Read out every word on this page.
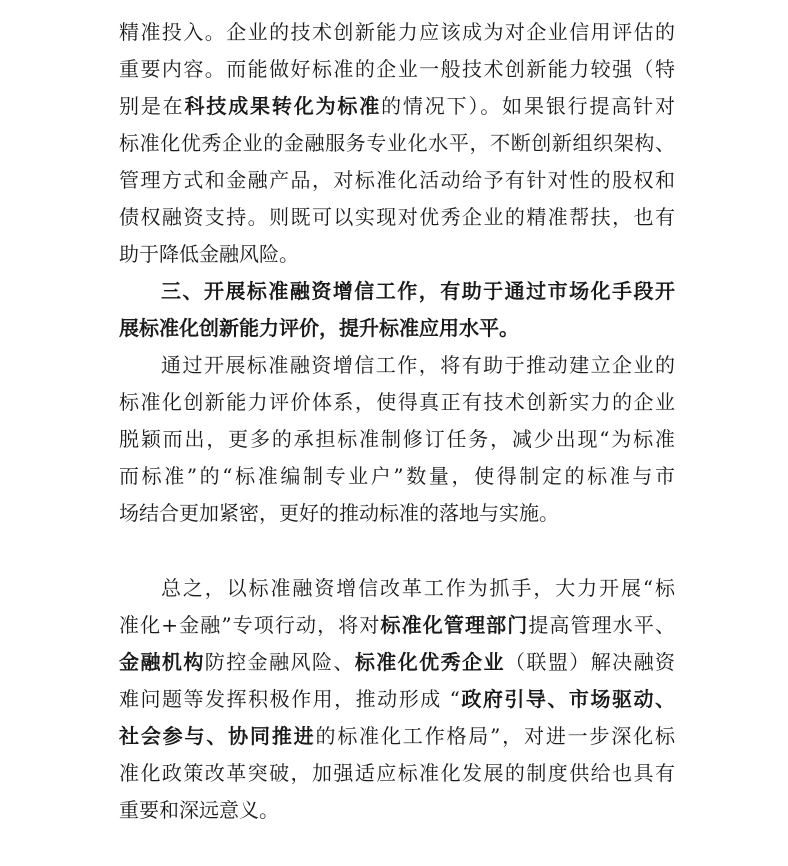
精准投入。企业的技术创新能力应该成为对企业信用评估的
重要内容。而能做好标准的企业一般技术创新能力较强（特
别是在科技成果转化为标准的情况下）。如果银行提高针对
标准化优秀企业的金融服务专业化水平，不断创新组织架构、
管理方式和金融产品，对标准化活动给予有针对性的股权和
债权融资支持。则既可以实现对优秀企业的精准帮扶，也有
助于降低金融风险。
三、开展标准融资增信工作，有助于通过市场化手段开
展标准化创新能力评价，提升标准应用水平。
通过开展标准融资增信工作，将有助于推动建立企业的
标准化创新能力评价体系，使得真正有技术创新实力的企业
脱颖而出，更多的承担标准制修订任务，减少出现“为标准
而标准”的“标准编制专业户”数量，使得制定的标准与市
场结合更加紧密，更好的推动标准的落地与实施。
总之，以标准融资增信改革工作为抓手，大力开展“标
准化+金融”专项行动，将对标准化管理部门提高管理水平、
金融机构防控金融风险、标准化优秀企业（联盟）解决融资
难问题等发挥积极作用，推动形成 “政府引导、市场驱动、
社会参与、协同推进的标准化工作格局”，对进一步深化标
准化政策改革突破，加强适应标准化发展的制度供给也具有
重要和深远意义。
